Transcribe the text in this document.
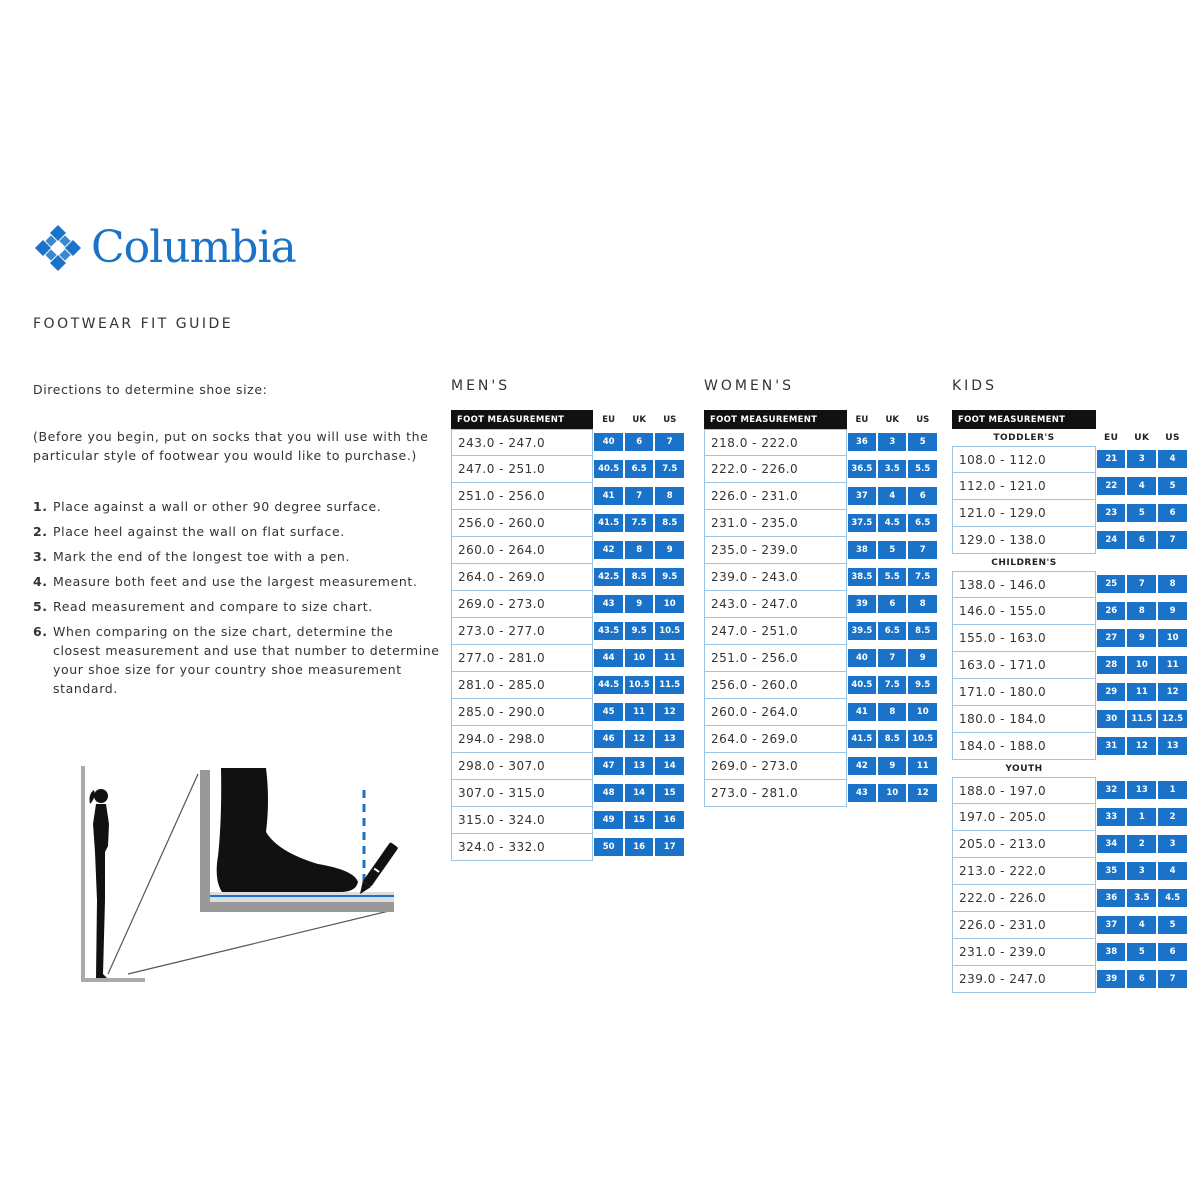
Columbia
FOOTWEAR FIT GUIDE

Directions to determine shoe size:

(Before you begin, put on socks that you will use with the particular style of footwear you would like to purchase.)

1. Place against a wall or other 90 degree surface.
2. Place heel against the wall on flat surface.
3. Mark the end of the longest toe with a pen.
4. Measure both feet and use the largest measurement.
5. Read measurement and compare to size chart.
6. When comparing on the size chart, determine the closest measurement and use that number to determine your shoe size for your country shoe measurement standard.
MEN'S	WOMEN'S	KIDS
FOOT MEASUREMENT	EU	UK	US
243.0 - 247.0	40	6	7

247.0 - 251.0	40.5	6.5	7.5

251.0 - 256.0	41	7	8

256.0 - 260.0	41.5	7.5	8.5

260.0 - 264.0	42	8	9

264.0 - 269.0	42.5	8.5	9.5

269.0 - 273.0	43	9	10

273.0 - 277.0	43.5	9.5	10.5

277.0 - 281.0	44	10	11

281.0 - 285.0	44.5	10.5	11.5

285.0 - 290.0	45	11	12

294.0 - 298.0	46	12	13

298.0 - 307.0	47	13	14

307.0 - 315.0	48	14	15

315.0 - 324.0	49	15	16

324.0 - 332.0	50	16	17
FOOT MEASUREMENT	EU	UK	US
218.0 - 222.0	36	3	5

222.0 - 226.0	36.5	3.5	5.5

226.0 - 231.0	37	4	6

231.0 - 235.0	37.5	4.5	6.5

235.0 - 239.0	38	5	7

239.0 - 243.0	38.5	5.5	7.5

243.0 - 247.0	39	6	8

247.0 - 251.0	39.5	6.5	8.5

251.0 - 256.0	40	7	9

256.0 - 260.0	40.5	7.5	9.5

260.0 - 264.0	41	8	10

264.0 - 269.0	41.5	8.5	10.5

269.0 - 273.0	42	9	11

273.0 - 281.0	43	10	12
FOOT MEASUREMENT			
TODDLER'S	EU	UK	US
108.0 - 112.0	21	3	4

112.0 - 121.0	22	4	5

121.0 - 129.0	23	5	6

129.0 - 138.0	24	6	7

CHILDREN'S			
138.0 - 146.0	25	7	8

146.0 - 155.0	26	8	9

155.0 - 163.0	27	9	10

163.0 - 171.0	28	10	11

171.0 - 180.0	29	11	12

180.0 - 184.0	30	11.5	12.5

184.0 - 188.0	31	12	13

YOUTH			
188.0 - 197.0	32	13	1

197.0 - 205.0	33	1	2

205.0 - 213.0	34	2	3

213.0 - 222.0	35	3	4

222.0 - 226.0	36	3.5	4.5

226.0 - 231.0	37	4	5

231.0 - 239.0	38	5	6

239.0 - 247.0	39	6	7
